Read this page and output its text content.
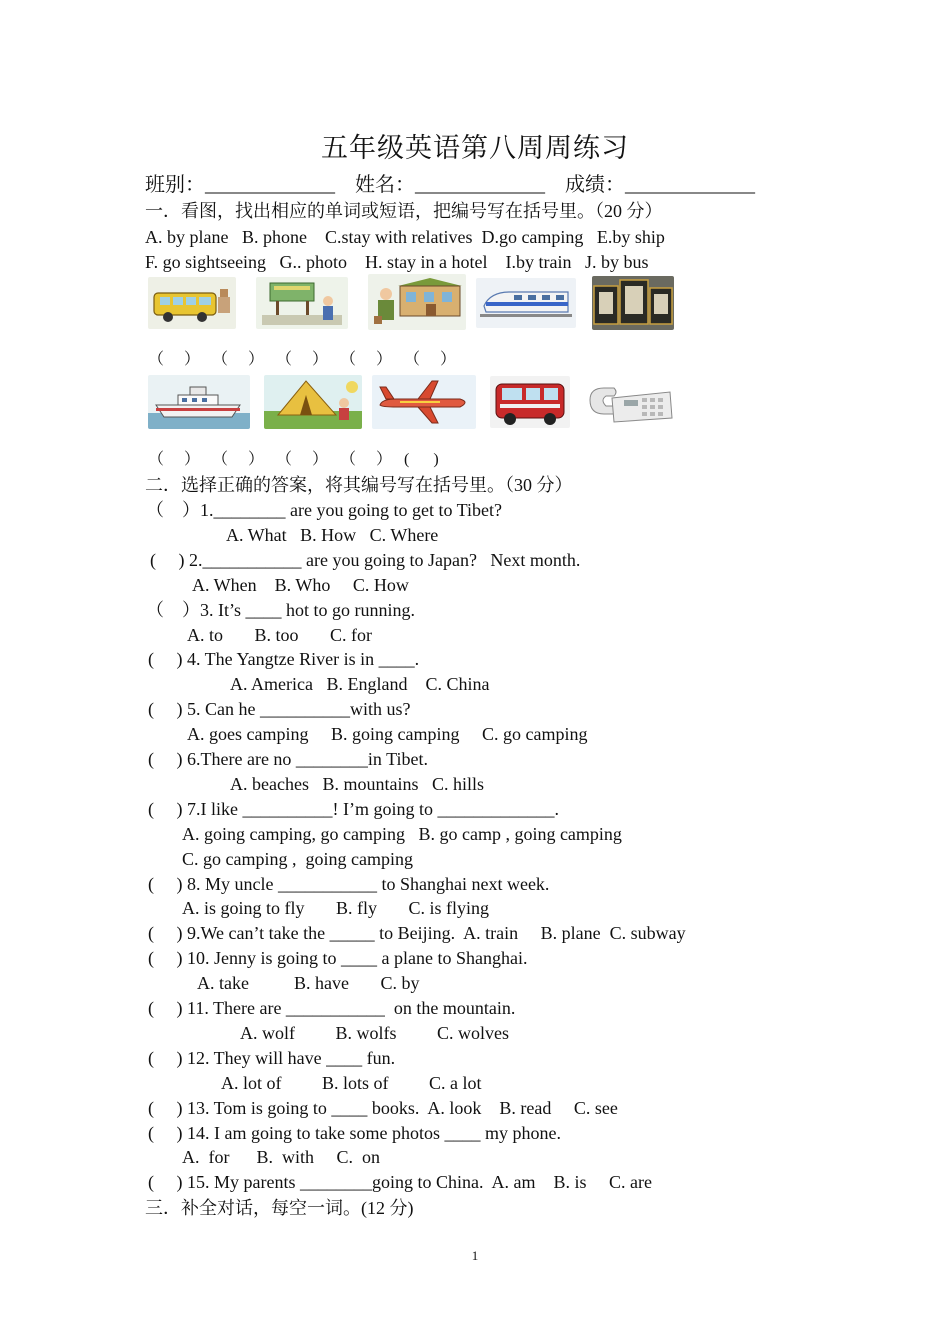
五年级英语第八周周练习
班别：_____________    姓名：_____________    成绩：_____________
一．看图，找出相应的单词或短语，把编号写在括号里。（20 分）
A. by plane   B. phone    C.stay with relatives  D.go camping   E.by ship
F. go sightseeing   G.. photo    H. stay in a hotel    I.by train   J. by bus
（     ）   （     ）   （     ）   （     ）   （     ）
（     ）   （     ）   （     ）   （     ）   (      )
二．选择正确的答案，将其编号写在括号里。（30 分）
（    ）1.________ are you going to get to Tibet?
A. What   B. How   C. Where
(     ) 2.___________ are you going to Japan?   Next month.
A. When    B. Who     C. How
（    ）3. It’s ____ hot to go running.
A. to       B. too       C. for
(     ) 4. The Yangtze River is in ____.
A. America   B. England    C. China
(     ) 5. Can he __________with us?
A. goes camping     B. going camping     C. go camping
(     ) 6.There are no ________in Tibet.
A. beaches   B. mountains   C. hills
(     ) 7.I like __________! I’m going to _____________.
A. going camping, go camping   B. go camp , going camping
C. go camping ,  going camping
(     ) 8. My uncle ___________ to Shanghai next week.
A. is going to fly       B. fly       C. is flying
(     ) 9.We can’t take the _____ to Beijing.  A. train     B. plane  C. subway
(     ) 10. Jenny is going to ____ a plane to Shanghai.
A. take          B. have       C. by
(     ) 11. There are ___________  on the mountain.
A. wolf         B. wolfs         C. wolves
(     ) 12. They will have ____ fun.
A. lot of         B. lots of         C. a lot
(     ) 13. Tom is going to ____ books.  A. look    B. read     C. see
(     ) 14. I am going to take some photos ____ my phone.
A.  for      B.  with     C.  on
(     ) 15. My parents ________going to China.  A. am    B. is     C. are
三．补全对话，每空一词。(12 分)
1
